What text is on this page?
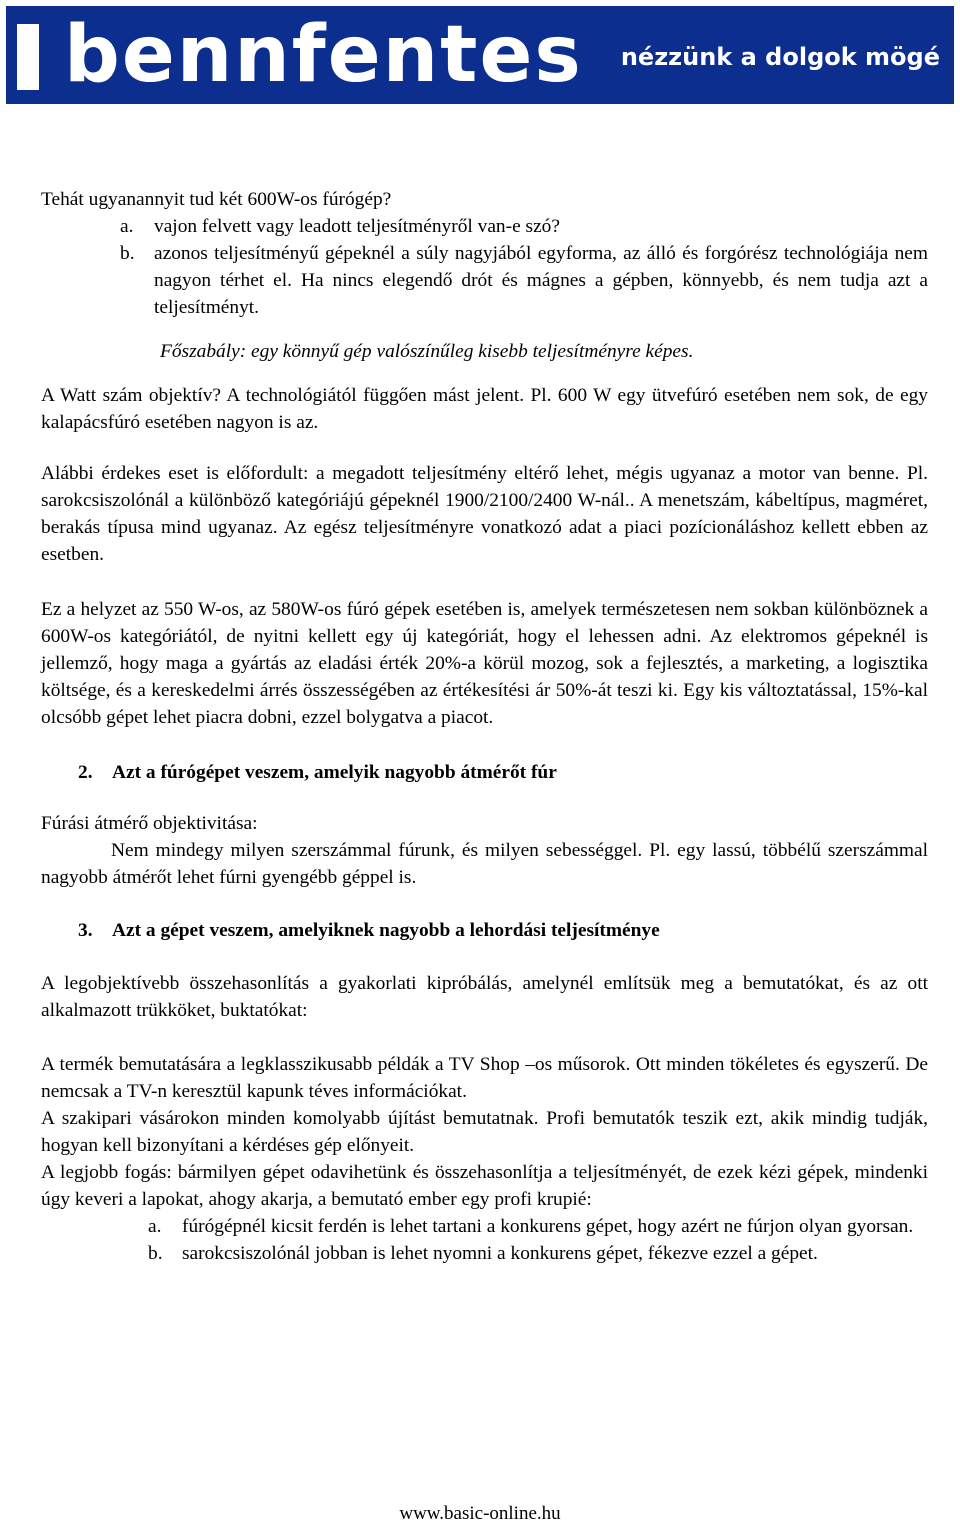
bennfentes nézzünk a dolgok mögé

Tehát ugyanannyit tud két 600W-os fúrógép?

a.	vajon felvett vagy leadott teljesítményről van-e szó?
b.	azonos teljesítményű gépeknél a súly nagyjából egyforma, az álló és forgórész technológiája nem nagyon térhet el. Ha nincs elegendő drót és mágnes a gépben, könnyebb, és nem tudja azt a teljesítményt.

Főszabály: egy könnyű gép valószínűleg kisebb teljesítményre képes.

A Watt szám objektív? A technológiától függően mást jelent. Pl. 600 W egy ütvefúró esetében nem sok, de egy kalapácsfúró esetében nagyon is az.

Alábbi érdekes eset is előfordult: a megadott teljesítmény eltérő lehet, mégis ugyanaz a motor van benne. Pl. sarokcsiszolónál a különböző kategóriájú gépeknél 1900/2100/2400 W-nál.. A menetszám, kábeltípus, magméret, berakás típusa mind ugyanaz. Az egész teljesítményre vonatkozó adat a piaci pozícionáláshoz kellett ebben az esetben.

Ez a helyzet az 550 W-os, az 580W-os fúró gépek esetében is, amelyek természetesen nem sokban különböznek a 600W-os kategóriától, de nyitni kellett egy új kategóriát, hogy el lehessen adni. Az elektromos gépeknél is jellemző, hogy maga a gyártás az eladási érték 20%-a körül mozog, sok a fejlesztés, a marketing, a logisztika költsége, és a kereskedelmi árrés összességében az értékesítési ár 50%-át teszi ki. Egy kis változtatással, 15%-kal olcsóbb gépet lehet piacra dobni, ezzel bolygatva a piacot.

2.	Azt a fúrógépet veszem, amelyik nagyobb átmérőt fúr

Fúrási átmérő objektivitása:

Nem mindegy milyen szerszámmal fúrunk, és milyen sebességgel. Pl. egy lassú, többélű szerszámmal nagyobb átmérőt lehet fúrni gyengébb géppel is.

3.	Azt a gépet veszem, amelyiknek nagyobb a lehordási teljesítménye

A legobjektívebb összehasonlítás a gyakorlati kipróbálás, amelynél említsük meg a bemutatókat, és az ott alkalmazott trükköket, buktatókat:

A termék bemutatására a legklasszikusabb példák a TV Shop –os műsorok. Ott minden tökéletes és egyszerű. De nemcsak a TV-n keresztül kapunk téves információkat.

A szakipari vásárokon minden komolyabb újítást bemutatnak. Profi bemutatók teszik ezt, akik mindig tudják, hogyan kell bizonyítani a kérdéses gép előnyeit.

A legjobb fogás: bármilyen gépet odavihetünk és összehasonlítja a teljesítményét, de ezek kézi gépek, mindenki úgy keveri a lapokat, ahogy akarja, a bemutató ember egy profi krupié:

a.	fúrógépnél kicsit ferdén is lehet tartani a konkurens gépet, hogy azért ne fúrjon olyan gyorsan.
b.	sarokcsiszolónál jobban is lehet nyomni a konkurens gépet, fékezve ezzel a gépet.
www.basic-online.hu
